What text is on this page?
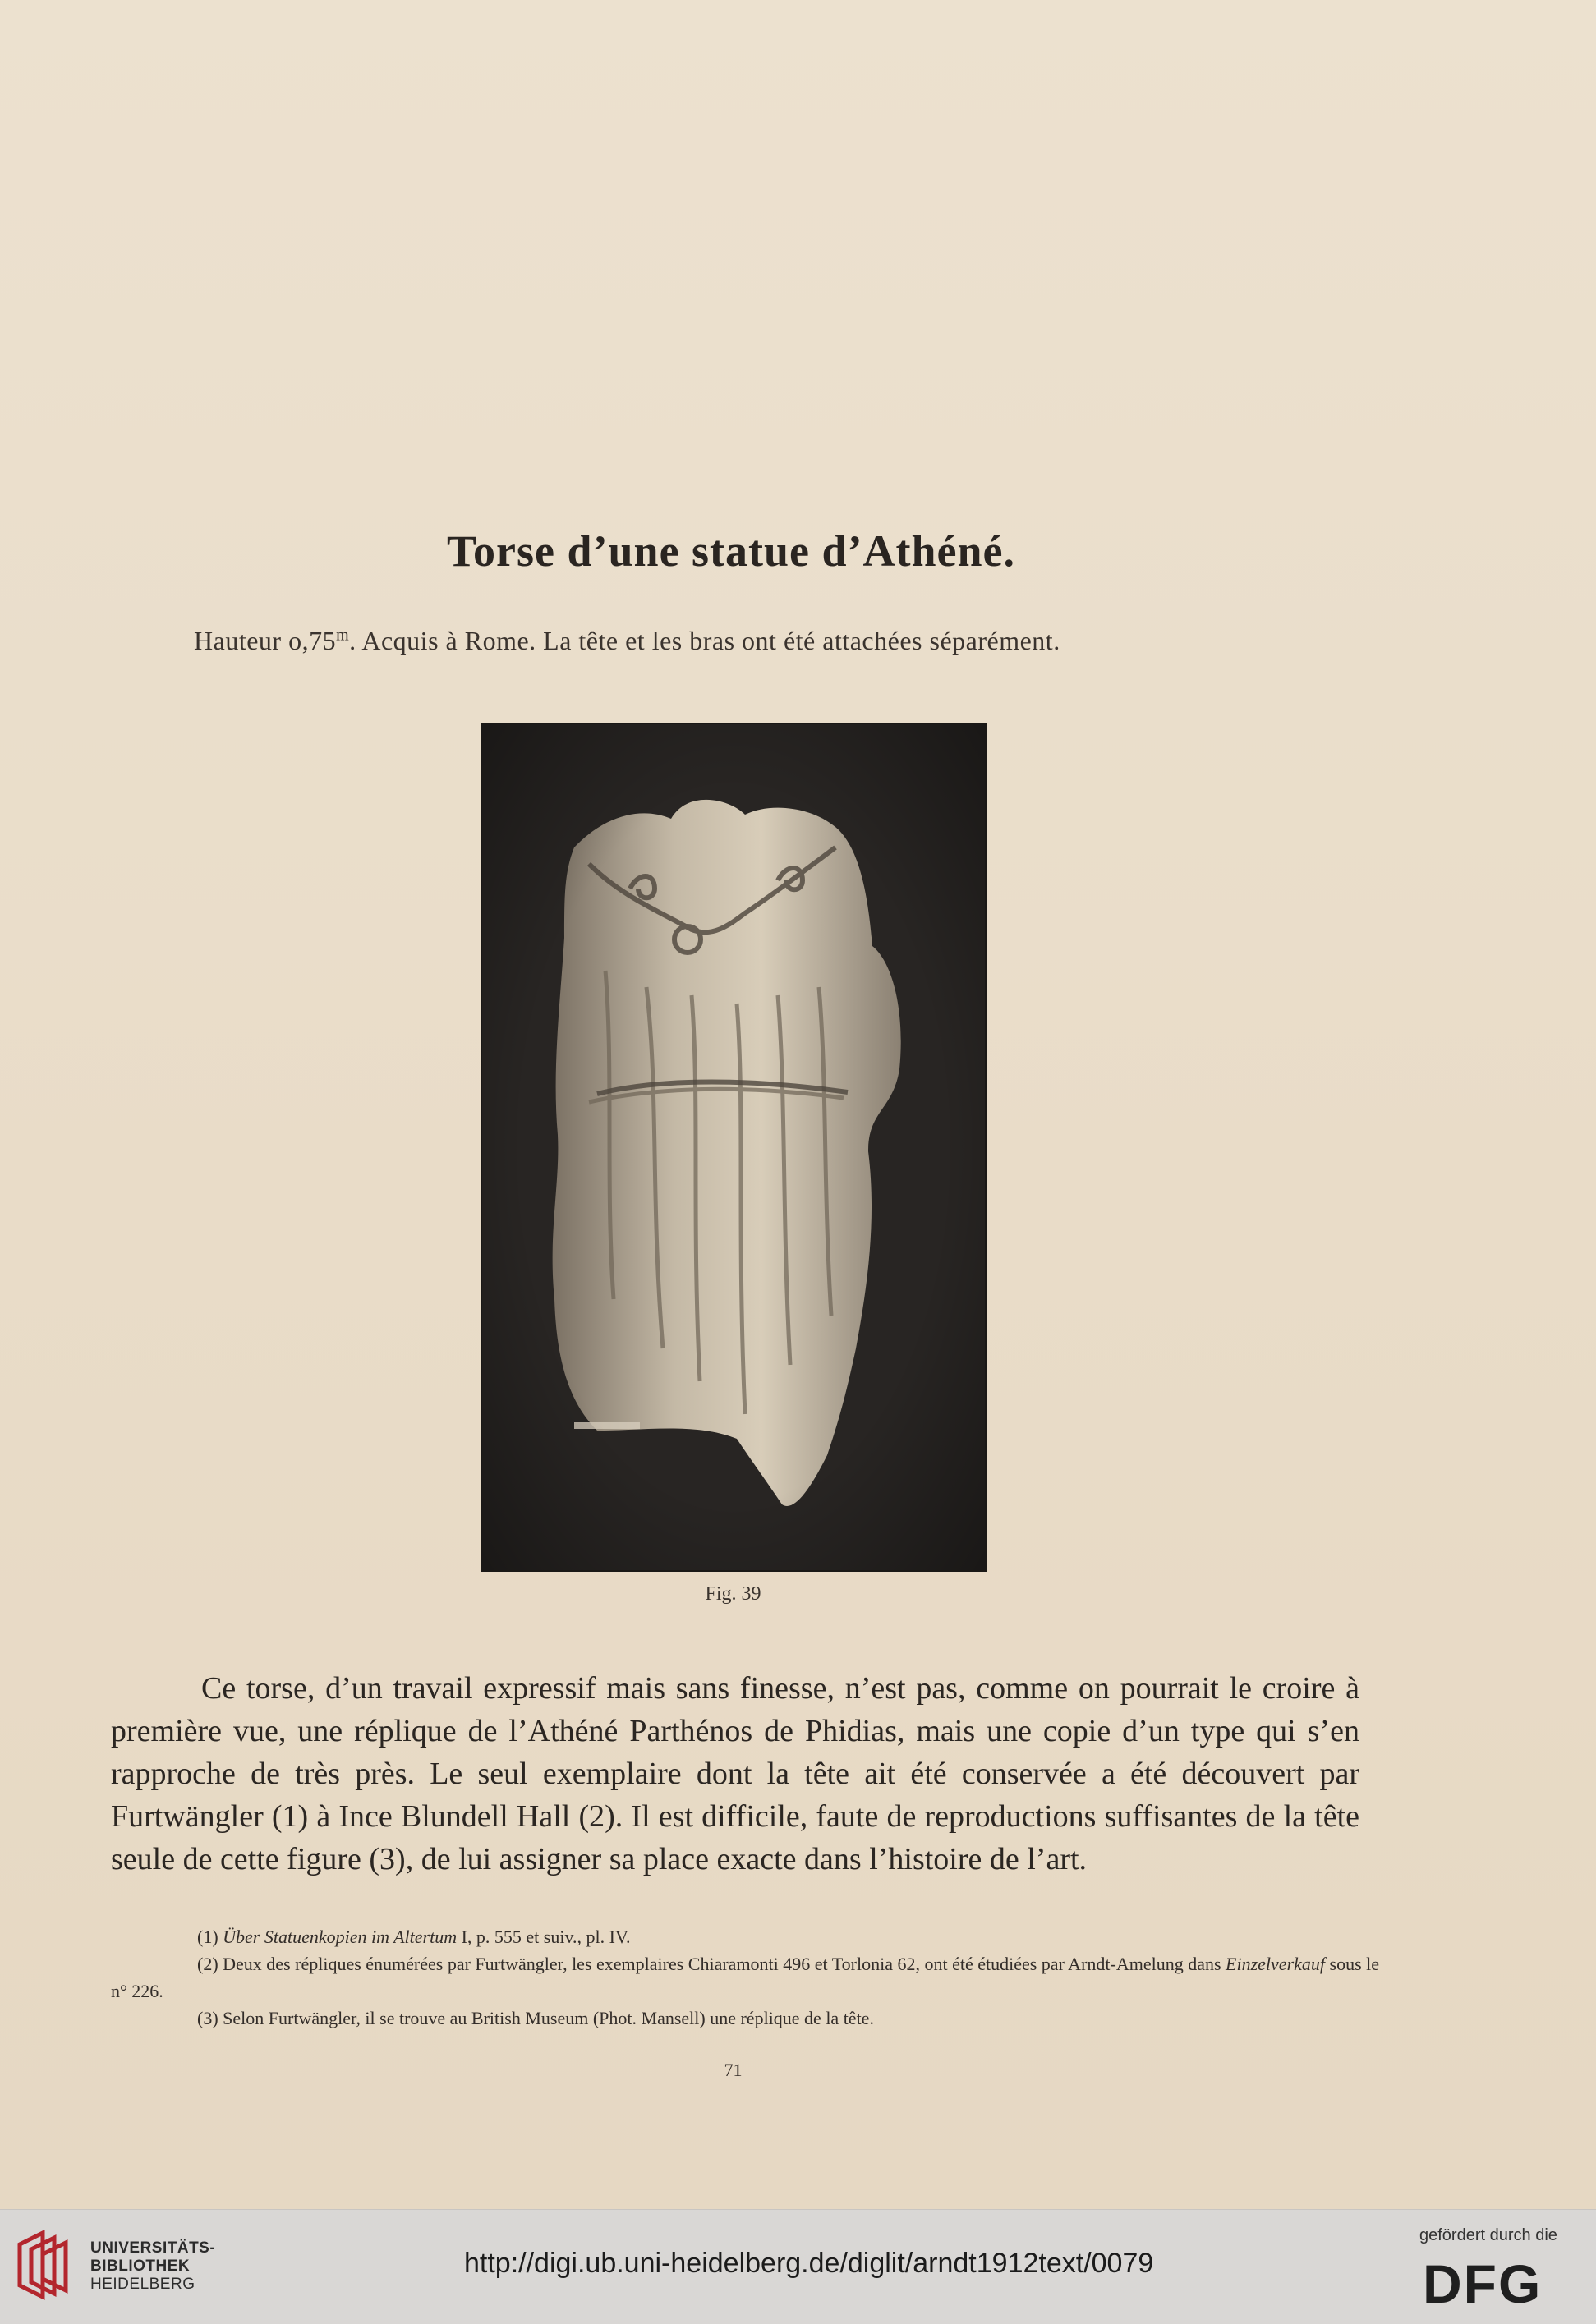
Torse d’une statue d’Athéné.
Hauteur o,75$^m$. Acquis à Rome. La tête et les bras ont été attachées séparément.
Fig. 39

Ce torse, d’un travail expressif mais sans finesse, n’est pas, comme on pourrait le croire à première vue, une réplique de l’Athéné Parthénos de Phidias, mais une copie d’un type qui s’en rapproche de très près. Le seul exemplaire dont la tête ait été conservée a été découvert par Furtwängler (1) à Ince Blundell Hall (2). Il est difficile, faute de reproductions suffisantes de la tête seule de cette figure (3), de lui assigner sa place exacte dans l’histoire de l’art.

(1) Über Statuenkopien im Altertum I, p. 555 et suiv., pl. IV.

(2) Deux des répliques énumérées par Furtwängler, les exemplaires Chiaramonti 496 et Torlonia 62, ont été étudiées par Arndt-Amelung dans Einzelverkauf sous le n° 226.

(3) Selon Furtwängler, il se trouve au British Museum (Phot. Mansell) une réplique de la tête.

71
UNIVERSITÄTS-
BIBLIOTHEK
HEIDELBERG
http://digi.ub.uni-heidelberg.de/diglit/arndt1912text/0079
gefördert durch die
DFG
